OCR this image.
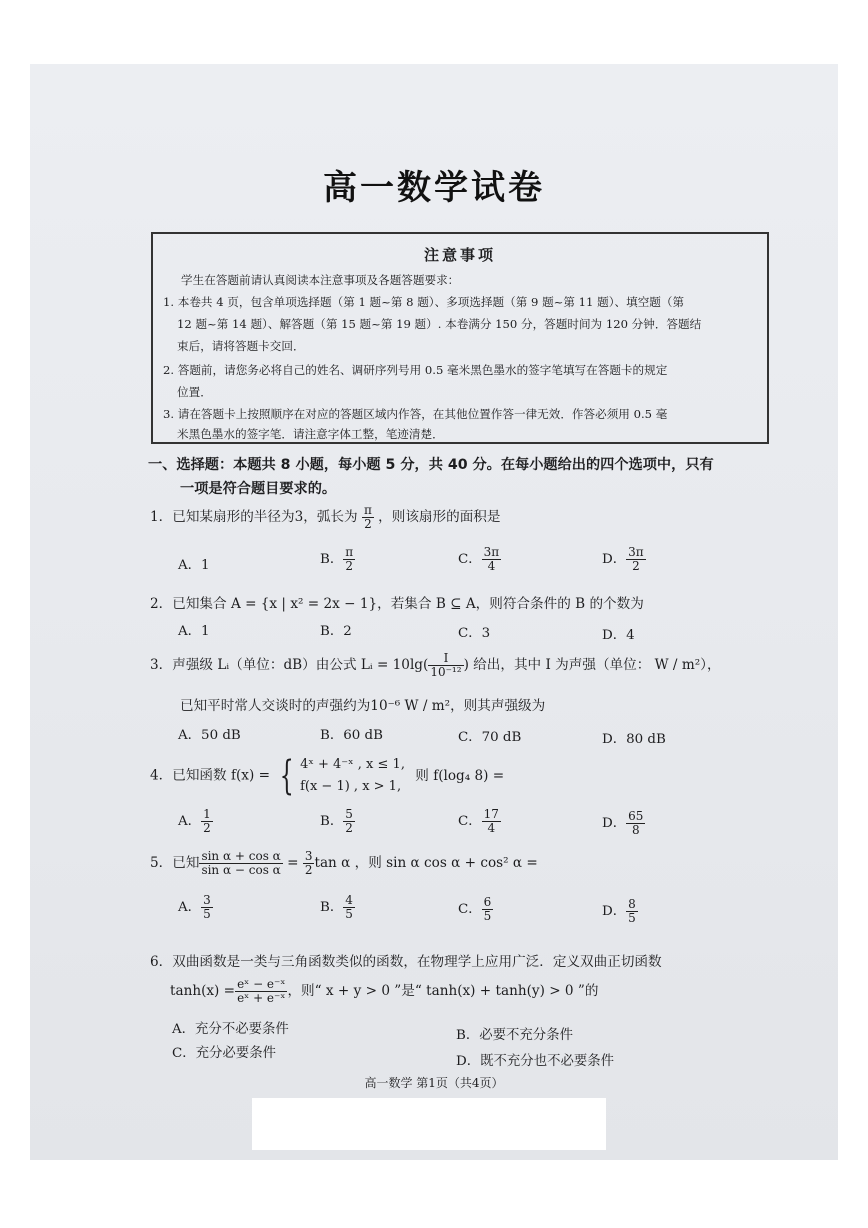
高一数学试卷
注意事项
学生在答题前请认真阅读本注意事项及各题答题要求：
1. 本卷共 4 页，包含单项选择题（第 1 题~第 8 题）、多项选择题（第 9 题~第 11 题）、填空题（第
12 题~第 14 题）、解答题（第 15 题~第 19 题）. 本卷满分 150 分，答题时间为 120 分钟．答题结
束后，请将答题卡交回．
2. 答题前，请您务必将自己的姓名、调研序列号用 0.5 毫米黑色墨水的签字笔填写在答题卡的规定
位置．
3. 请在答题卡上按照顺序在对应的答题区域内作答，在其他位置作答一律无效．作答必须用 0.5 毫
米黑色墨水的签字笔．请注意字体工整，笔迹清楚．
一、选择题：本题共 8 小题，每小题 5 分，共 40 分。在每小题给出的四个选项中，只有
一项是符合题目要求的。
1．已知某扇形的半径为3，弧长为 $\frac{\pi}{2}$ ，则该扇形的面积是
A．1	B． $\frac{\pi}{2}$	C． $\frac{3\pi}{4}$	D． $\frac{3\pi}{2}$
2．已知集合 A = {x | x² = 2x − 1}，若集合 B ⊆ A，则符合条件的 B 的个数为
A．1	B．2	C．3	D．4
3．声强级 Lᵢ（单位：dB）由公式 Lᵢ = $10\lg( \frac{I}{\text{10⁻¹²}}$ ) 给出，其中 I 为声强（单位： W / m²），
已知平时常人交谈时的声强约为10⁻⁶ W / m²，则其声强级为
A．50 dB	B．60 dB	C．70 dB	D．80 dB
4．已知函数 f(x) = { 4ˣ + 4⁻ˣ , x ≤ 1,
f(x − 1) , x > 1,
则 f(log₄ 8) =
A． $\frac{1}{2}$	B． $\frac{5}{2}$	C． $\frac{17}{4}$	D． $\frac{65}{8}$
5．已知 $\frac{\text{sin α + cos α}}{\text{sin α − cos α}} = \frac{3}{2}$ tan α ，则 sin α cos α + cos² α =
A． $\frac{3}{5}$	B． $\frac{4}{5}$	C． $\frac{6}{5}$	D． $\frac{8}{5}$
6．双曲函数是一类与三角函数类似的函数，在物理学上应用广泛．定义双曲正切函数
$\tanh(x) = \frac{\text{eˣ − e⁻ˣ}}{\text{eˣ + e⁻ˣ}}$ ，则“ x + y > 0 ”是“ tanh(x) + tanh(y) > 0 ”的
A．充分不必要条件	B．必要不充分条件
C．充分必要条件
D．既不充分也不必要条件
高一数学 第1页（共4页）
